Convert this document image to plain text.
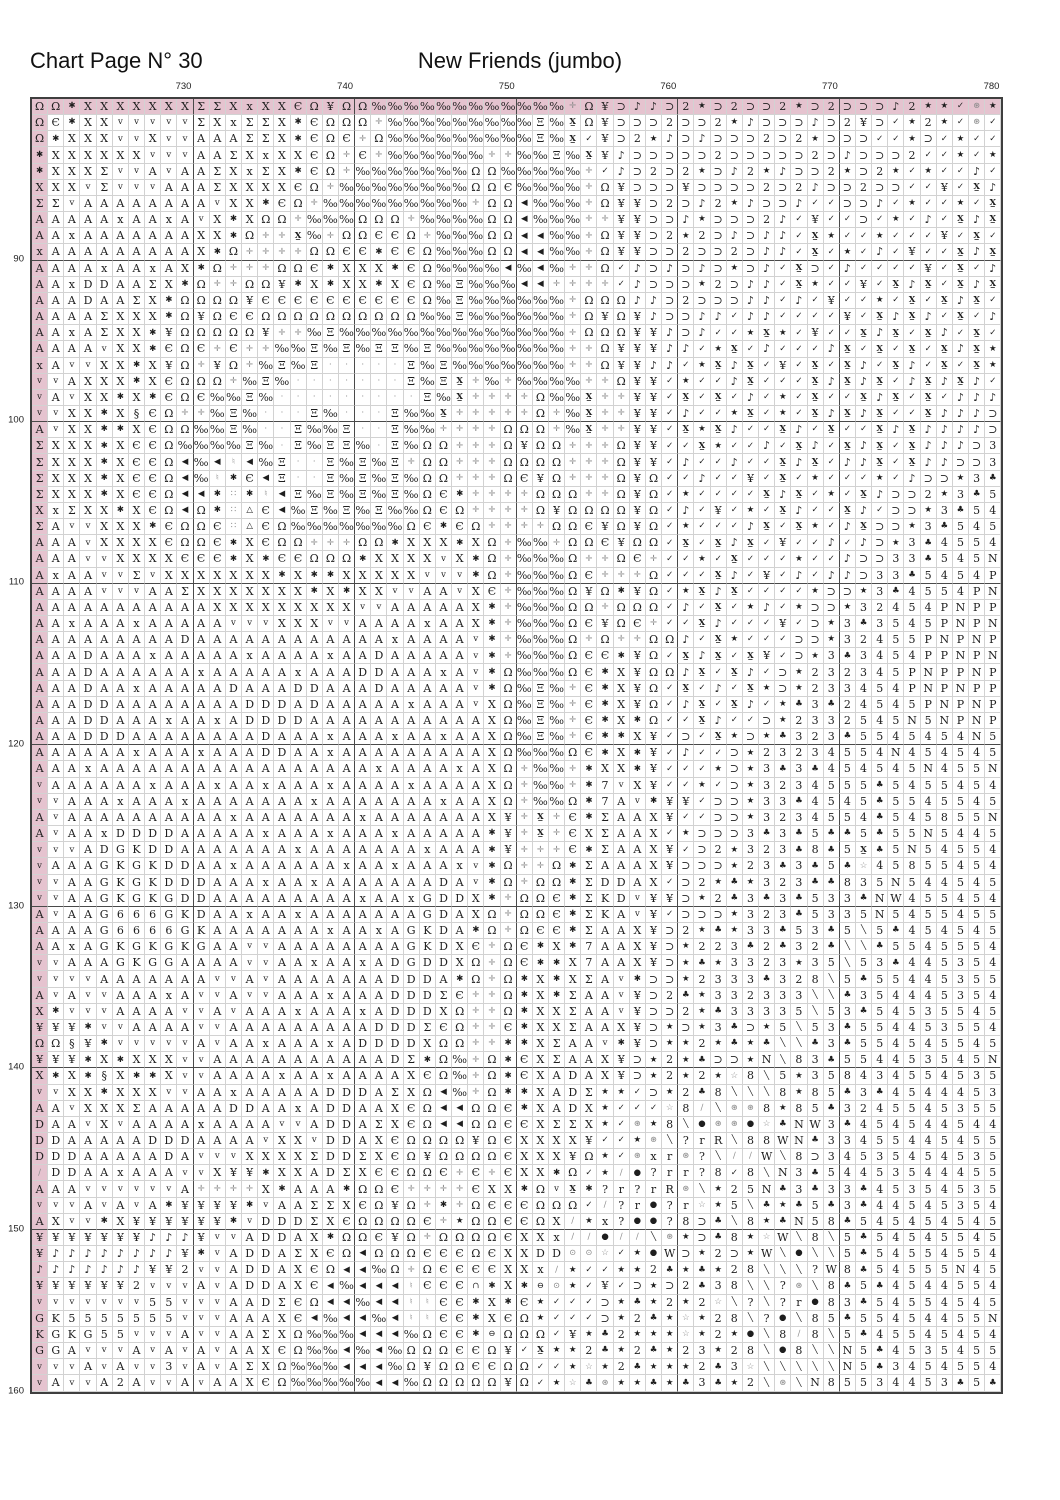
Chart Page N° 30	New Friends (jumbo)
730	740	750	760	770	780
90
100
110
120
130
140
150
160
Ω Ω ✱ X X X X X X X Σ Σ X x X X Є Ω ¥ Ω Ω ‰ ‰ ‰ ‰ ‰ ‰ ‰ ‰ ‰ ‰ ‰ ‰ ✛ Ω ¥ ⊃ ♪ ♪ ⊃ 2	★ ⊃ 2 ⊃ ⊃ 2	★ ⊃ 2 ⊃ ⊃ ⊃ ♪ 2	★	★	✓	⊛	★
Ω Є ✱ X X	v	v	v	v	v Σ X x Σ Σ X	✱ Є Ω Ω Ω ✛ ‰ ‰ ‰ ‰ ‰ ‰ ‰ ‰ ‰ Ξ ‰ X̲ Ω ¥ ⊃ ⊃ ⊃ 2 ⊃ ⊃ 2	★ ♪ ⊃ ⊃ ⊃ ♪ ⊃ 2 ¥ ⊃ ✓	★ 2	★	✓	⊛	✓
Ω ✱ X X X	v	v X	v	v A A A Σ Σ X	✱ Є Ω Є ✛ Ω ‰ ‰ ‰ ‰ ‰ ‰ ‰ ‰ ‰ Ξ ‰ X̲	✓ ¥ ⊃ 2	★ ♪ ⊃ ♪ ⊃ ⊃ ⊃ 2 ⊃ 2	★ ⊃ ⊃ ⊃ ✓	✓	★ ⊃ ✓	★	✓	✓
✱ X X X X X X	v	v	v A A Σ X x X X Є Ω ✛ Є ✛ ‰ ‰ ‰ ‰ ‰ ‰ ✛	✛ ‰ ‰ Ξ ‰ X̲ ¥ ♪ ⊃ ⊃ ⊃ ⊃ ⊃ 2 ⊃ ⊃ ⊃ ⊃ ⊃ 2 ⊃ ♪ ⊃ ⊃ ⊃ 2	✓	✓	★	✓	★
✱ X X X Σ	v	v A	v A A Σ X x Σ X	✱ Є Ω ✛ ‰ ‰ ‰ ‰ ‰ ‰ ‰ Ω Ω ‰ ‰ ‰ ‰ ‰ ✛	✓ ♪ ⊃ 2 ⊃ 2	★ ⊃ ♪ 2	★ ♪ ⊃ ⊃ 2	★ ⊃ 2	★	✓	★	✓	✓ ♪	✓
X X X	v Σ	v	v	v A A A Σ X X X X Є Ω ✛ ‰ ‰ ‰ ‰ ‰ ‰ ‰ ‰ Ω Ω Є ‰ ‰ ‰ ‰ ✛ Ω ¥ ⊃ ⊃ ⊃ ¥ ⊃ ⊃ ⊃ ⊃ 2 ⊃ 2 ♪ ⊃ ⊃ 2 ⊃ ⊃ ✓	✓ ¥	✓	X̲ ♪
Σ Σ	v A A A A A A A A	v X X	✱ Є Ω ✛ ‰ ‰ ‰ ‰ ‰ ‰ ‰ ‰ ‰ ✛ Ω Ω ◀ ‰ ‰ ‰ ✛ Ω ¥ ¥ ⊃ 2 ⊃ ♪ 2	★ ♪ ⊃ ⊃ ♪	✓	✓ ⊃ ⊃ ♪	✓	★	✓	✓	★	✓	X̲
A A A A A x A A x A	v X	✱ X Ω Ω ✛ ‰ ‰ ‰ Ω Ω Ω ✛ ‰ ‰ ‰ ‰ Ω Ω ◀ ‰ ‰ ‰ ✛	✛ ¥ ¥ ⊃ ⊃ ♪	★ ⊃ ⊃ ⊃ 2 ♪	✓ ¥	✓	✓ ⊃ ✓	★	✓ ♪	✓	X̲ ♪	X̲
A A x A A A A A A A X X	✱ Ω ✛	✛	X̲ ‰ ✛ Ω Ω Є Є Ω ✛ ‰ ‰ ‰ Ω Ω ◀	◀ ‰ ‰ ✛ Ω ¥ ¥ ⊃ 2	★ 2 ⊃ ♪ ⊃ ♪ ♪	✓	X̲	★	✓	✓	★	✓	✓	✓ ¥	✓	X̲	✓
x A A A A A A A A A X	✱ Ω ✛	✛	✛	✛ Ω Ω Є Є ✱ Є Є Ω ‰ ‰ ‰ Ω Ω ◀	◀ ‰ ‰ ✛ Ω ¥ ¥ ⊃ ⊃ 2 ⊃ ⊃ 2 ⊃ ♪ ♪	✓	X̲	✓	★	✓ ♪	✓ ¥	✓	✓	X̲ ♪	X̲
A A A A x A A x A X	✱ Ω ✛	✛	✛ Ω Ω Є ✱ X X X	✱ Є Ω ‰ ‰ ‰ ‰ ◀ ‰ ◀ ‰ ✛	✛ Ω ✓ ♪ ⊃ ♪ ⊃ ♪ ⊃ ★ ⊃ ♪	✓	X̲ ⊃ ✓ ♪	✓	✓	✓	✓ ¥	✓	X̲	✓ ♪
A A x D D A A Σ X	✱ Ω ✛	✛ Ω Ω ¥	✱ X	✱ X X	✱ X Є Ω ‰ Ξ ‰ ‰ ‰ ◀	◀	✛	✛	✛	✛	✓ ♪ ⊃ ⊃ ⊃ ★ 2 ⊃ ♪ ♪	✓	X̲	★	✓	✓ ¥	✓	X̲ ♪	X̲	✓	X̲ ♪	X̲
A A A D A A Σ X	✱ Ω Ω Ω Ω ¥ Є Є Є Є Є Є Є Є Є Є Ω ‰ Ξ ‰ ‰ ‰ ‰ ‰ ‰ ✛ Ω Ω Ω ♪ ♪ ⊃ 2 ⊃ ⊃ ⊃ ♪ ♪	✓ ♪	✓ ¥	✓	✓	★	✓	X̲	✓	X̲ ♪	X̲	✓
A A A A Σ X X X	✱ Ω ¥ Ω Є Є Ω Ω Ω Ω Ω Ω Ω Ω Ω Ω ‰ ‰ Ξ ‰ ‰ ‰ ‰ ‰ ‰ ✛ Ω ¥ Ω ¥ ♪ ⊃ ⊃ ♪ ♪	✓ ♪ ♪	✓	✓	✓	✓ ¥	✓	X̲ ♪	X̲ ♪	✓	X̲	✓ ♪
A A x A Σ X X	✱ ¥ Ω Ω Ω Ω Ω ¥	✛	✛ ‰ Ξ ‰ ‰ ‰ ‰ ‰ ‰ ‰ ‰ ‰ ‰ ‰ ‰ ‰ ‰ ✛ Ω Ω Ω ¥ ¥ ♪ ⊃ ♪	✓	✓	★	X̲	★	✓ ¥	✓	✓	X̲ ♪	X̲	✓	X̲ ♪	✓	X̲	✓
A A A A	v X X	✱ Є Ω Є ✛ Є ✛	✛ ‰ ‰ Ξ ‰ Ξ ‰ Ξ Ξ ‰ Ξ ‰ ‰ ‰ ‰ ‰ ‰ ‰ ‰ ✛	✛ Ω ¥ ¥ ¥ ♪ ♪	✓	★	X̲	✓ ♪	✓	✓	✓ ♪	X̲	✓	X̲	✓	X̲	✓	X̲ ♪	X̲	★
x A	v	v X X	✱ X ¥ Ω ✛ ¥ Ω ✛ ‰ Ξ ‰ Ξ	·	·	·	·	· Ξ ‰ Ξ ‰ ‰ ‰ ‰ ‰ ‰ ‰ ✛	✛ Ω ¥ ¥ ♪ ♪	✓	★	X̲ ♪	X̲	✓ ¥	✓	X̲	✓	X̲ ♪	✓	X̲ ♪	✓	X̲	✓	X̲	★
v	v A X X X	✱ X Є Ω Ω Ω ✛ ‰ Ξ ‰ ·	·	·	·	·	·	· Ξ ‰ Ξ	X̲	✛ ‰ ✛ ‰ ‰ ‰ ‰ ✛	✛ Ω ¥ ¥	✓	★	✓	✓ ♪	X̲	✓	✓	✓	X̲ ♪	X̲ ♪	X̲	✓ ♪	X̲ ♪	X̲ ♪	✓
v A	v X X	✱ X	✱ Є Ω Є ‰ ‰ Ξ ‰ ·	·	·	·	·	·	·	·	· Ξ ‰ X̲	✛	✛	✛	✛ Ω ‰ ‰ X̲	✛	✛ ¥ ¥	✓	X̲	✓	X̲	✓ ♪	✓	★	✓	X̲	✓	✓	X̲ ♪	X̲	✓	X̲	✓ ♪ ♪ ♪
v	v X X	✱ X § Є Ω ✛	✛ ‰ Ξ ‰ ·	·	· Ξ ‰ ·	·	· Ξ ‰ ‰ X̲	✛	✛	✛	✛	✛ Ω ✛ ‰ X̲	✛	✛ ¥ ¥	✓ ♪	✓	✓	★	X̲	✓	★	✓	X̲ ♪	X̲ ♪	X̲	✓	✓	X̲ ♪ ♪ ♪ ⊃
A	v X X	✱	✱ X Є Ω Ω ‰ ‰ Ξ ‰ ·	· Ξ ‰ ‰ Ξ	·	· Ξ ‰ ‰ ✛	✛	✛	✛ Ω Ω Ω ✛ ‰ X̲	✛	✛ ¥ ¥	✓	X̲	★	X̲ ♪	✓	✓	X̲ ♪	✓	X̲	✓	✓	X̲ ♪	X̲ ♪ ♪ ♪ ♪ ⊃
Σ X X X	✱ X Є Є Ω ‰ ‰ ‰ ‰ Ξ ‰ · Ξ ‰ Ξ Ξ ‰ · Ξ ‰ Ω Ω ✛	✛	✛ Ω ¥ Ω Ω ✛	✛	✛ Ω ¥ ¥	✓	✓	X̲	★	✓	✓ ♪	✓	X̲ ♪	✓	X̲ ♪	X̲	✓	X̲ ♪ ♪ ♪ ⊃ 3
Σ X X X	✱ X Є Є Ω ◀ ‰ ◀	♮	◀ ‰ Ξ	·	· Ξ ‰ Ξ ‰ Ξ	✛ Ω Ω ✛	✛	✛ Ω Ω Ω Ω ✛	✛	✛ Ω ¥ ¥	✓ ♪	✓	✓ ♪	✓	✓	X̲ ♪	X̲	✓ ♪ ♪	X̲	✓	X̲ ♪ ♪ ⊃ ⊃ 3
Σ X X X	✱ X Є Є Ω ◀ ‰ ♮	✱ Є	◀ Ξ	·	· Ξ ‰ Ξ ‰ Ξ ‰ Ω Ω ✛	✛	✛ Ω Є ¥ Ω ✛	✛	✛ Ω ¥ Ω ✓	✓ ♪	✓	✓ ¥	✓	X̲	✓	★	✓	✓	✓	★	✓ ♪ ⊃ ⊃ ★ 3	♣
Σ X X X	✱ X Є Є Ω ◀	◀	✱	∷	✱	♮	◀ Ξ ‰ Ξ ‰ Ξ ‰ Ξ ‰ Ω Є ✱	✛	✛	✛	✛ Ω Ω Ω ✛	✛ Ω ¥ Ω ✓	★	✓	✓	✓	✓	X̲ ♪	X̲	✓	★	✓	X̲ ♪ ⊃ ⊃ 2	★ 3	♣ 5
X x Σ X X	✱ X Є Ω ◀ Ω ✱	∷	△ Є	◀ ‰ Ξ ‰ Ξ ‰ Ξ ‰ ‰ Ω Є Ω ✛	✛	✛	✛ Ω ¥ Ω Ω Ω Ω ¥ Ω ✓ ♪	✓ ¥	✓	★	✓	X̲ ♪	✓	✓	X̲ ♪	✓ ⊃ ⊃ ★ 3	♣ 5 4
Σ A	v	v X X X	✱ Є Ω Ω Є	∷	△ Є Ω ‰ ‰ ‰ ‰ ‰ ‰ ‰ Ω Є ✱ Є Ω ✛	✛	✛	✛ Ω Ω Є ¥ Ω ¥ Ω ✓	★	✓	✓	✓ ♪	X̲	✓	X̲	★	✓ ♪	X̲ ⊃ ⊃ ★ 3	♣ 5 4 5
A A A	v X X X X Є Ω Ω Є ✱ X Є Ω Ω ✛	✛	✛ Ω Ω ✱ X X X	✱ X Ω ✛ ‰ ‰ ✛ Ω Ω Є ¥ Ω Ω ✓	X̲	✓	X̲ ♪	X̲	✓ ¥	✓	✓ ♪	✓ ♪ ⊃ ★ 3	♣ 4 5 5 4
A A A	v	v X X X X Є Є Є ✱ X	✱ Є Є Ω Ω Ω ✱ X X X X	v X	✱ Ω ✛ ‰ ‰ ‰ Ω ✛	✛ Ω Є ✛	✓	✓	★	✓	X̲	✓	✓	✓	★	✓	✓ ♪ ⊃ ⊃ 3 3	♣ 5 4 5 N
A x A A	v	v Σ	v X X X X X X X	✱ X	✱	✱ X X X X X	v	v	v	✱ Ω ✛ ‰ ‰ ‰ Ω Є ✛	✛	✛ Ω ✓	✓	✓	X̲ ♪	✓ ¥	✓ ♪	✓ ♪ ♪ ⊃ 3 3	♣ 5 4 5 4 P
A A A A	v	v	v A A Σ X X X X X X X	✱ X	✱ X X	v	v A A	v X Є ✛ ‰ ‰ ‰ Ω ¥ Ω ✱ ¥ Ω ✓	★	X̲ ♪	X̲	✓	✓	✓	✓	★ ⊃ ⊃ ★ 3	♣ 4 5 5 4 P N
A A A A A A A A A A A X X X X X X X X X	v	v A A A A A X	✱	✛ ‰ ‰ ‰ Ω Ω ✛ Ω Ω Ω ✓ ♪	✓	X̲	✓	★ ♪	✓	★ ⊃ ⊃ ★ 3 2 4 5 4 P N P P
A A x A A A x A A A A A	v	v	v X X X	v	v A A A A x A A X	✱	✛ ‰ ‰ ‰ Ω Є ¥ Ω Є ✛	✓	✓	X̲ ♪	✓	✓	✓ ¥	✓ ⊃ ★ 3	♣ 3 5 4 5 P N P N
A A A A A A A A A D A A A A A A A A A A A A x A A A A	v	✱	✛ ‰ ‰ ‰ Ω ✛ Ω ✛	✛ Ω Ω ♪	✓	X̲	★	✓	✓	✓ ⊃ ⊃ ★ 3 2 4 5 5 P N P N P
A A A D A A A x A A A A A x A A A A x A A D A A A A A	v	✱	✛ ‰ ‰ ‰ Ω Є Є ✱ ¥ Ω ✓	X̲ ♪	X̲	✓	X̲ ¥	✓ ⊃ ★ 3	♣ 3 4 5 4 P P N P N
A A A D A A A A A A x A A A A A x A A A D D A A A x A	v	✱ Ω ‰ ‰ ‰ Ω Є ✱ X ¥ Ω Ω ♪	X̲	✓	X̲ ♪	✓ ⊃ ★ 2 3 2 3 4 5 P N P P N P
A A A D A A x A A A A A D A A A D D A A A D A A A A A	v	✱ Ω ‰ Ξ ‰ ✛ Є ✱ X ¥ Ω ✓	X̲	✓ ♪	✓	X̲	★ ⊃ ★ 2 3 3 4 5 4 P N P N P P
A A A D D A A A A A A A A D D D A D A A A A A x A A A	v X Ω ‰ Ξ ‰ ✛ Є ✱ X ¥ Ω ✓ ♪	X̲	✓	X̲ ♪	✓	★	♣ 3	♣ 2 4 5 4 5 P N P N P
A A A D D A A A x A A x A D D D D A A A A A A A A A A A X Ω ‰ Ξ ‰ ✛ Є ✱ X	✱ Ω ✓	✓	X̲ ♪	✓	✓ ⊃ ★ 2 3 3 2 5 4 5 N 5 N P N P
A A A D D D A A A A A A A A D A A A x A A A x A A x A A X Ω ‰ Ξ ‰ ✛ Є ✱	✱ X ¥	✓ ⊃ ✓	X̲	★ ⊃ ★	♣ 3 2 3	♣ 5 5 4 5 4 5 4 N 5
A A A A A A x A A A x A A A D D A A x A A A A A A A A A X Ω ‰ ‰ ‰ Ω Є ✱ X	✱ ¥	✓ ♪	✓	✓ ⊃ ★ 2 3 2 3 4 5 5 4 N 4 5 4 5 4 5
A A A x A A A A A A A A A A A A A A A A A x A A A A x A X Ω ✛ ‰ ‰ ✛	✱ X X	✱ ¥	✓	✓	✓	★ ⊃ ★ 3	♣ 3	♣ 4 5 4 5 4 5 N 4 5 5 N
v A A A A A A x A A A x A A x A A A x A A A A x A A A A X Ω ✛ ‰ ‰ ✛	✱ 7	v X ¥	✓	✓	★	✓ ⊃ ★ 3 2 3 4 5 5 5	♣ 5 4 5 5 4 5 4
v	v A A A x A A A x A A A A A A A x A A A A A A A x A A X Ω ✛ ‰ ‰ Ω ✱ 7 A	v	✱ ¥ ¥	✓ ⊃ ⊃ ★ 3 3	♣ 4 5 4 5	♣ 5 5 4 5 5 4 5
A	v A A A A A A A A A A x A A A A A A A x A A A A A A A X ¥	✛	X̲	✛ Є ✱ Σ A A X ¥	✓	✓ ⊃ ⊃ ★ 3 2 3 4 5 5 4	♣ 5 4 5 8 5 5 N
A	v A A x D D D D A A A A A x A A A x A A A x A A A A A	✱ ¥	✛	X̲	✛ Є X Σ A A X	✓	★ ⊃ ⊃ ⊃ 3	♣ 3	♣ 5	♣	♣ 5	♣ 5 5 N 5 4 4 5
v	v	v A D G K D D A A A A A A A x A A A A A A A x A A A	✱ ¥	✛	✛	✛ Є ✱ Σ A A X ¥	✓ ⊃ 2	★ 3 2 3	♣ 8	♣ 5	X̲	♣ 5 N 5 4 5 5 4
v A A A G K G K D D A A x A A A A A A x A A x A A A x	v	✱ Ω ✛	✛ Ω ✱ Σ A A A X ¥ ⊃ ⊃ ⊃ ★ 2 3	♣ 3	♣ 5	♣	☆ 4 5 8 5 5 4 5 4
v	v A A G K G K D D D A A A x A A x A A A A A A A D A	v	✱ Ω ✛ Ω Ω ✱ Σ D D A X	✓ ⊃ 2	★	♣	★ 3 2 3	♣	♣ 8 3 5 N 5 4 4 5 4 5
v	v A A G K G K G D D A A A A A A A A A x A A x G D D X	✱	✛ Ω Ω Є ✱ Σ K D	v ¥ ¥ ⊃ ★ 2	♣ 3	♣ 3	♣ 5 3 3	♣ N W 4 5 5 4 5 4
A	v A A G 6 6 6 G K D A A x A A x A A A A A A A G D A X Ω ✛ Ω Ω Є ✱ Σ K A	v ¥	✓ ⊃ ⊃ ⊃ ★ 3 2 3	♣ 5 3 3 5 N 5 4 5 5 4 5 5
A A A A G 6 6 6 6 G K A A A A A A A x A A x A G K D A	✱ Ω ✛ Ω Є Є ✱ Σ A A X ¥ ⊃ 2	★	♣	★ 3 3	♣ 5 3	♣ 5	╲ 5	♣ 4 5 4 5 4 5
A A x A G K G K G K G A A	v	v A A A A A A A A G K D X Є ✛ Ω Є ✱ X	✱ 7 A A X ¥ ⊃ ★ 2 2 3	♣ 2	♣ 3 2	♣	╲	╲	♣ 5 5 4 5 5 5 4
v	v A A A G K G G A A A A	v	v A A x A A x A D G D D X Ω ✛ Ω Є ✱	✱ X 7 A A X ¥ ⊃ ★	♣	★ 3 3 2 3	★ 3 5	╲ 5 3	♣ 4 4 5 3 5 4
v	v	v	v A A A A A A A	v	v A	v A A A A A A A D D D A	✱ Ω ✛ Ω ✱ X	✱ X Σ A	v	✱ ⊃ ⊃ ★ 2 3 3 3	♣ 3 2 8	╲ 5	♣ 5 5 4 4 5 3 5 5
A	v A	v	v A A A x A	v	v A	v	v A A A x A A A D D D Σ Є ✛	✛ Ω ✱ X	✱ Σ A A	v ¥ ⊃ 2	♣	★ 3 3 2 3 3 3	╲	╲	♣ 3 5 4 4 4 5 3 5 4
X	✱	v	v	v A A A A	v	v A	v A A A x A A A x A D D D X Ω ✛	✛ Ω ✱ X X Σ A A	v ¥ ⊃ ⊃ 2	★	♣ 3 3 3 3 5	╲ 5 3	♣ 5 4 5 3 5 5 4 5
¥ ¥ ¥	✱	v	v A A A A	v	v A A A A A A A A A D D D Σ Є Ω ✛	✛ Є ✱ X X Σ A A X ¥ ⊃ ★ ⊃ ★ 3	♣ ⊃ ★ 5	╲ 5 3	♣ 5 5 4 4 5 3 5 5 4
Ω Ω § ¥	✱	v	v	v	v	v A	v A A x A A A x A D D D D X Ω Ω ✛	✛	✱	✱ X Σ A A	v	✱ ¥ ⊃ ★	★ 2	★	♣	★	♣	╲	╲	♣ 3	♣ 5 5 4 5 4 5 5 4 5
¥ ¥ ¥	✱ X	✱ X X X	v	v A A A A A A A A A A A D Σ	✱ Ω ‰ ✛ Ω ✱ Є X Σ A A X ¥ ⊃ ★ 2	★	♣ ⊃ ⊃ ★ N	╲ 8 3	♣ 5 5 4 4 5 3 5 4 5 N
X	✱ X	✱ § X	✱	✱ X	v	v A A A A x A A x A A A A X Є Ω ‰ ✛ Ω ✱ Є X A D A X ¥ ⊃ ★ 2	★ 2	★	☆ 8	╲ 5	★ 3 5 8 4 3 4 5 5 4 5 3 5
v	v X X	✱ X X X	v	v A A x A A A A A D D D A Σ X Ω ◀ ‰ ✛ Ω ✱	✱ X A D Σ ★	★	✓ ⊃ ★ 2	♣ 8	╲	╲	╲ 8	★ 8 5	♣ 3	♣ 4 5 4 4 4 5 3
A A	v X X X Σ A A A A A D D A A x A D D A A X Є Ω ◀	◀ Ω Ω Є ✱ X A D X ★	✓	✓	✓	☆ 8	∕	╲	⊛	⊛ 8	★ 8 5	♣ 3 2 4 5 5 4 5 3 5 5
D A A	v X	v A A A A x A A A A	v	v A D D A Σ X Є Ω ◀	◀ Ω Ω Є Є X Σ Σ X ★	✓	⊛	★ 8	╲	●	⊛	⊛	●	☆	♣ N W 3	♣ 4 5 4 5 4 4 5 4 4
D D A A A A A D D D A A A A	v X X	v D D A X Є Ω Ω Ω Ω ¥ Ω Є X X X X ¥	✓	✓	★	⊛	╲ ? r R	╲ 8 8 W N ♣ 3 3 4 5 5 4 4 5 4 5 5
D D D A A A A A D A	v	v	v X X X X Σ D D Σ X Є Ω ¥ Ω Ω Ω Ω Є X X X ¥ Ω ★	✓	⊛ x r	⊛ ?	╲	∕	∕ W ╲ 8 ⊃ 3 4 5 3 5 4 5 4 5 3 5
∕ D D A A x A A A	v	v X ¥ ¥	✱ X X A D Σ X Є Є Ω Ω Є ✛ Є ✛ Є X X	✱ Ω ✓	★	∕	● ? r r ? 8	✓ 8	╲ N 3	♣ 5 4 4 5 3 5 4 4 4 5 5
A A A	v	v	v	v	v	v A	✛	✛	✛	✛ X	✱ A A A	✱ Ω Ω Є ✛	✛	✛	✛ Є X X	✱ Ω	v	X̲	✱ ? r ? r R ⊛	╲	★ 2 5 N ♣ 3	♣ 3 3	♣ 4 5 3 5 4 5 3 5
v	v	v A	v A	v A	✱ ¥ ¥ ¥ ¥	✱	v A A Σ Σ X Є Ω ¥ Ω ✛	✱	✛ Ω Є Є Є Ω Ω Ω ✓	∕	? r	● ? r	☆	★ 5	╲	♣	★	♣ 5	♣ 3	♣ 4 4 5 4 5 3 5 4
A X	v	v	✱ X ¥ ¥ ¥ ¥ ¥ ¥	✱	v D D D Σ X Є Ω Ω Ω Ω Є ✛	★ Ω Ω Є Є Ω X	∕	★ x ?	●	● ? 8 ⊃ ♣	╲ 8	★	♣ N 5 8	♣ 5 4 5 4 5 4 5 4 5
¥ ¥ ¥ ¥ ¥ ¥ ¥ ♪ ♪ ♪ ¥	v	v A D D A X	✱ Ω Ω Є ¥ Ω ✛ Ω Ω Ω Ω Є X X x	∕	∕	●	∕	∕	╲	⊛	★ ⊃ ♣ 8	★	☆ W ╲ 8	╲ 5	♣ 5 4 5 4 5 5 4 5
¥ ♪ ♪ ♪ ♪ ♪ ♪ ♪ ♪ ¥	✱	v A D D A Σ X Є Ω ◀ Ω Ω Ω Є Є Є Ω Є X X D D ⊙	⊙	☆	✓	★	● W ⊃ ★ 2 ⊃ ★ W ╲	●	╲	╲ 5	♣ 5 4 5 5 4 5 5 4
♪ ♪ ♪ ♪ ♪ ♪ ♪ ¥ ¥ 2	v	v A D D A X Є Ω ◀	◀ ‰ Ω ✛ Ω Є Є Є Є X X x	∕	★	✓	✓	★	★ 2	♣	★	♣	★ 2 8	╲	╲	╲ ? W 8	♣ 5 4 5 5 5 N 4 5
¥ ¥ ¥ ¥ ¥ ¥ 2	v	v	v A	v A D D A X Є	◀ ‰ ◀	◀	◀	♮ Є Є Є ∩	✱ X	✱	⊖	⊙	★	✓ ¥	✓ ⊃ ★ ⊃ 2	♣ 3 8	╲	╲ ?	⊛	╲ 8	♣ 5	♣ 4 5 4 4 5 5 4
v	v	v	v	v	v	v 5 5	v	v	v A A D Σ Є Ω ◀	◀ ‰ ◀	◀	♮	♮ Є Є ✱ X	✱ Є ★	✓	✓	✓ ⊃ ★	♣	★ 2	★ 2	☆	╲ ?	╲ ? r	● 8 3	♣ 5 4 5 5 4 5 4 5
G K 5 5 5 5 5 5 5	v	v	v A A A X Є	◀ ‰ ◀	◀ ‰ ◀	♮	♮ Є Є ✱ X Є Ω ★	✓	✓	✓ ⊃ ★ 2	♣	★	☆	★ 2 8	╲ ?	●	╲ 8 5	♣ 5 5 4 5 4 4 5 5 N
K G K G 5 5	v	v	v A	v	v A A Σ X Ω ‰ ‰ ‰ ◀	◀	◀ ‰ Ω Є Є ✱	⊖ Ω Ω Ω ✓ ¥	★	♣ 2	★	★	★	☆	★ 2	★	●	╲ 8	∕	8	╲ 5	♣ 4 5 5 4 5 4 5 4
G G A	v	v	v A	v A	v A	v A A X Є Ω ‰ ‰ ◀ ‰ ◀ ‰ Ω Ω Ω Є Є Ω ¥	✓	X̲	★	★ 2	♣	★ 2	♣	★ 2 3	★ 2 8	╲	● 8	╲	╲ N 5	♣ 4 5 3 5 4 5 5
v	v	v A	v A	v	v 3	v A	v A Σ X Ω ‰ ‰ ‰ ◀	◀	◀ ‰ Ω ¥ Ω Ω Є Є Ω Ω ✓	✓	★	☆	★ 2	♣	★	★	★ 2	♣ 3	☆	╲	╲	╲	╲	╲ N 5	♣ 3 4 5 4 5 5 4
v A	v	v A 2 A	v	v A	v A A X Є Ω ‰ ‰ ‰ ‰ ‰ ◀	◀ ‰ Ω Ω Ω Ω Ω ¥ Ω ✓	★	☆	♣	⊛	★	★	♣	★	♣ 3	♣	★ 2	╲	⊛	╲ N 8 5 5 3 4 4 5 3	♣ 5	♣
